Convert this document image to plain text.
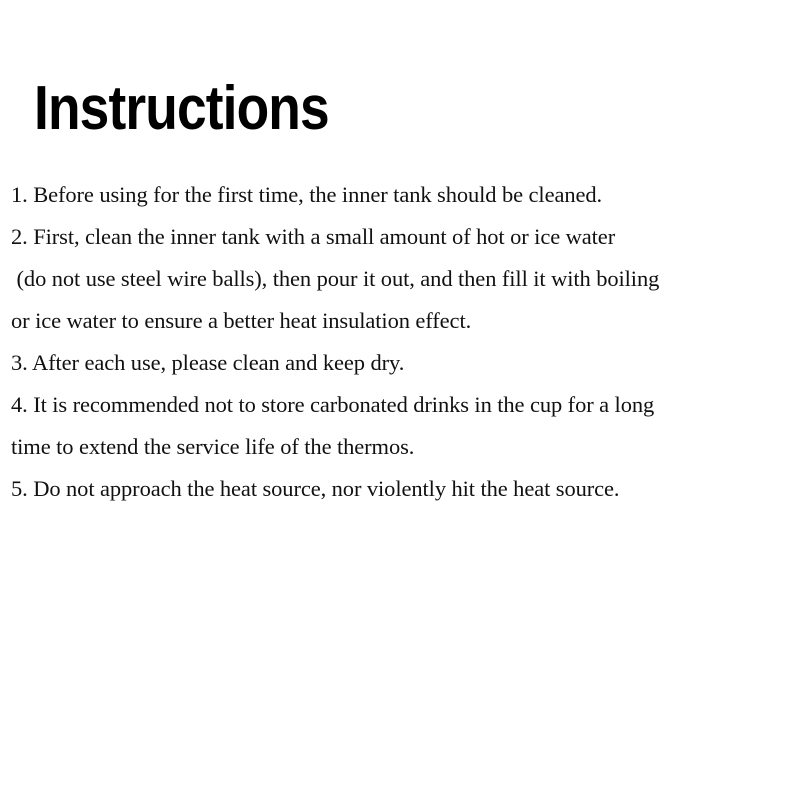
Instructions
1. Before using for the first time, the inner tank should be cleaned.
2. First, clean the inner tank with a small amount of hot or ice water
(do not use steel wire balls), then pour it out, and then fill it with boiling
or ice water to ensure a better heat insulation effect.
3. After each use, please clean and keep dry.
4. It is recommended not to store carbonated drinks in the cup for a long
time to extend the service life of the thermos.
5. Do not approach the heat source, nor violently hit the heat source.
